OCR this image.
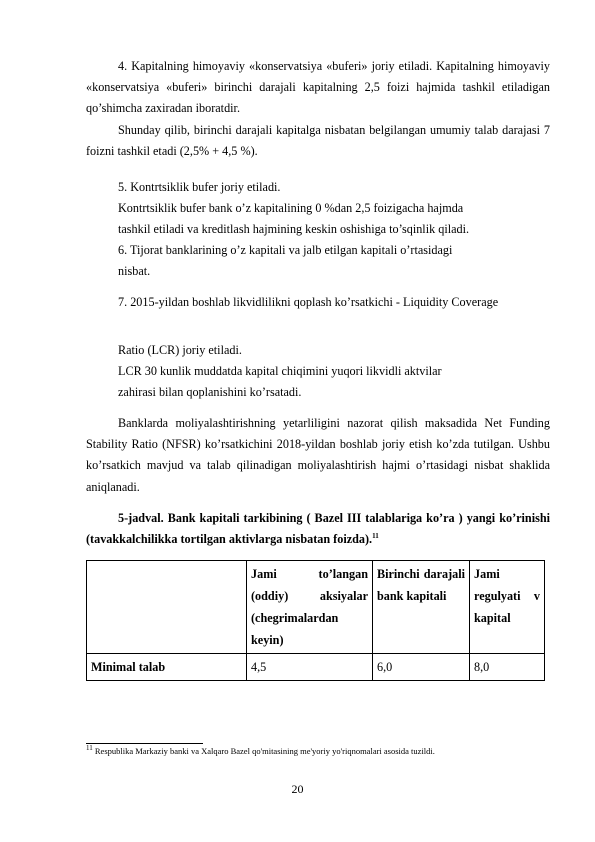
4. Kapitalning himoyaviy «konservatsiya «buferi» joriy etiladi. Kapitalning himoyaviy «konservatsiya «buferi» birinchi darajali kapitalning 2,5 foizi hajmida tashkil etiladigan qo’shimcha zaxiradan iboratdir.

Shunday qilib, birinchi darajali kapitalga nisbatan belgilangan umumiy talab darajasi 7 foizni tashkil etadi (2,5% + 4,5 %).

5. Kontrtsiklik bufer joriy etiladi.

Kontrtsiklik bufer bank o’z kapitalining 0 %dan 2,5 foizigacha hajmda

tashkil etiladi va kreditlash hajmining keskin oshishiga to’sqinlik qiladi.

6. Tijorat banklarining o’z kapitali va jalb etilgan kapitali o’rtasidagi

nisbat.

7. 2015-yildan boshlab likvidlilikni qoplash ko’rsatkichi - Liquidity Coverage

Ratio (LCR) joriy etiladi.

LCR 30 kunlik muddatda kapital chiqimini yuqori likvidli aktvilar

zahirasi bilan qoplanishini ko’rsatadi.

Banklarda moliyalashtirishning yetarliligini nazorat qilish maksadida Net Funding Stability Ratio (NFSR) ko’rsatkichini 2018-yildan boshlab joriy etish ko’zda tutilgan. Ushbu ko’rsatkich mavjud va talab qilinadigan moliyalashtirish hajmi o’rtasidagi nisbat shaklida aniqlanadi.

5-jadval. Bank kapitali tarkibining ( Bazel III talablariga ko’ra ) yangi ko’rinishi (tavakkalchilikka tortilgan aktivlarga nisbatan foizda).$^{11}$

	Jami to’langan (oddiy) aksiyalar (chegrimalardan keyin)	Birinchi darajali bank kapitali	Jami regulyati v kapital
Minimal talab	4,5	6,0	8,0
$^{11}$ Respublika Markaziy banki va Xalqaro Bazel qo'mitasining me'yoriy yo'riqnomalari asosida tuzildi.
20
